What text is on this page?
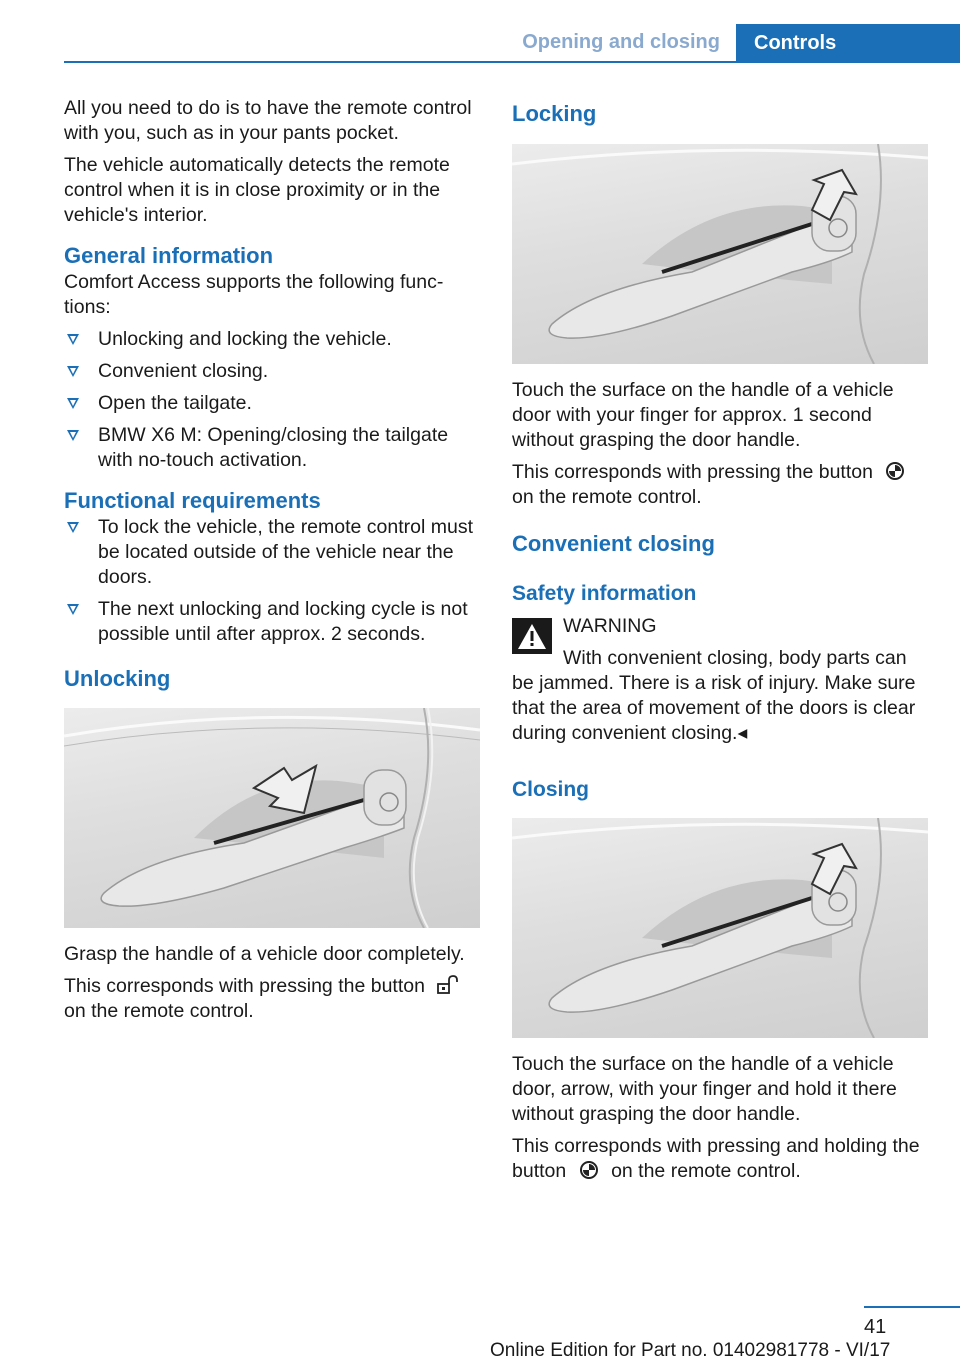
Opening and closing	Controls

All you need to do is to have the remote control with you, such as in your pants pocket.

The vehicle automatically detects the remote control when it is in close proximity or in the vehicle's interior.

General information

Comfort Access supports the following functions:

Unlocking and locking the vehicle.
Convenient closing.
Open the tailgate.
BMW X6 M: Opening/closing the tailgate with no-touch activation.
Functional requirements
To lock the vehicle, the remote control must be located outside of the vehicle near the doors.
The next unlocking and locking cycle is not possible until after approx. 2 seconds.
Unlocking

Grasp the handle of a vehicle door completely.

This corresponds with pressing the button  on the remote control.

Locking

Touch the surface on the handle of a vehicle door with your finger for approx. 1 second without grasping the door handle.

This corresponds with pressing the button  on the remote control.

Convenient closing
Safety information

WARNING

With convenient closing, body parts can be jammed. There is a risk of injury. Make sure that the area of movement of the doors is clear during convenient closing.◂

Closing

Touch the surface on the handle of a vehicle door, arrow, with your finger and hold it there without grasping the door handle.

This corresponds with pressing and holding the button on the remote control.

41
Online Edition for Part no. 01402981778 - VI/17
